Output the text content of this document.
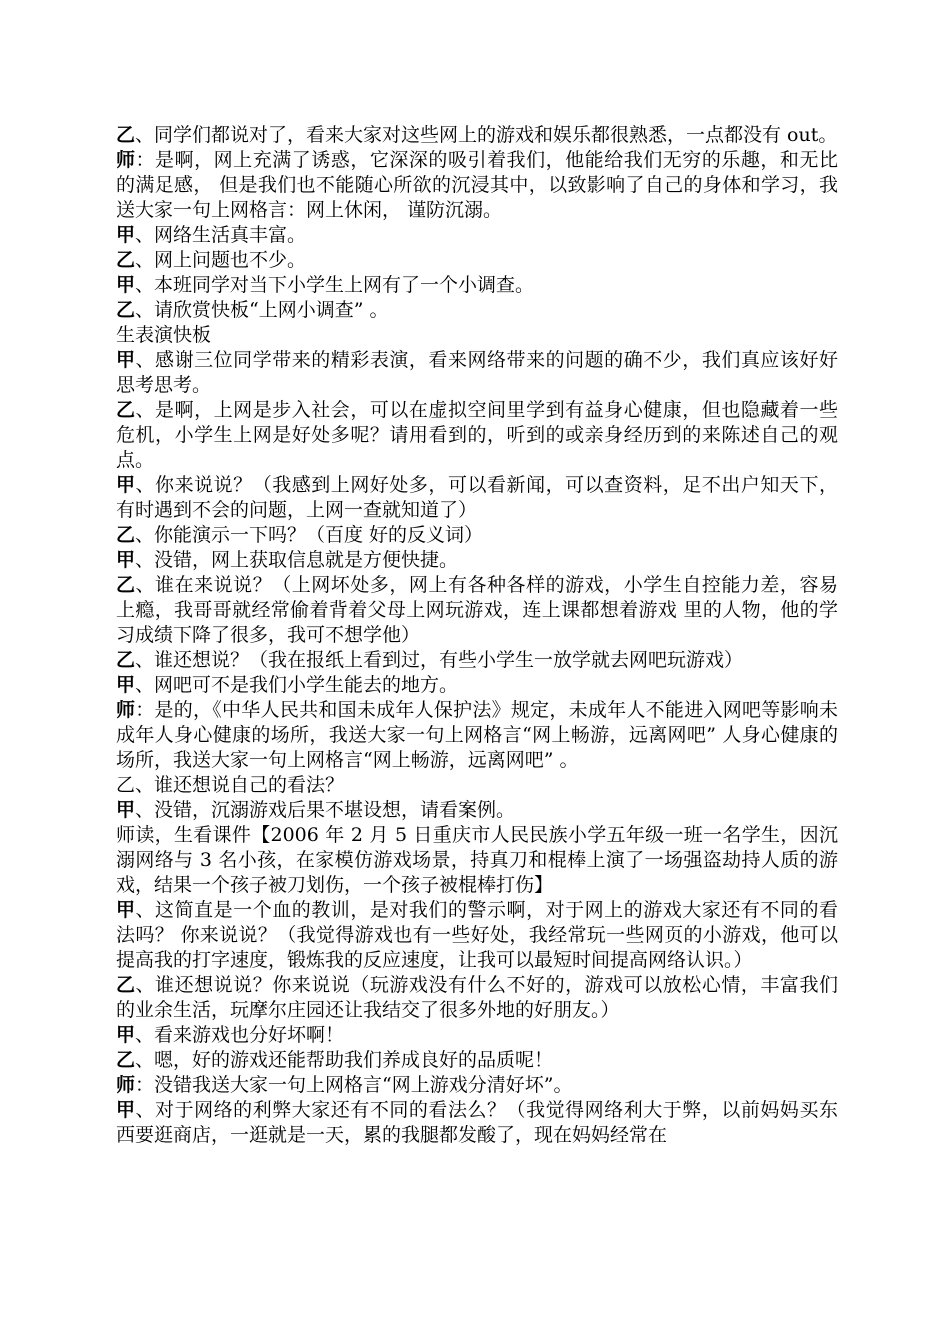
乙、同学们都说对了，看来大家对这些网上的游戏和娱乐都很熟悉，一点都没有 out。

师：是啊，网上充满了诱惑，它深深的吸引着我们，他能给我们无穷的乐趣，和无比的满足感， 但是我们也不能随心所欲的沉浸其中，以致影响了自己的身体和学习，我送大家一句上网格言：网上休闲， 谨防沉溺。

甲、网络生活真丰富。

乙、网上问题也不少。

甲、本班同学对当下小学生上网有了一个小调查。

乙、请欣赏快板“上网小调查” 。

生表演快板

甲、感谢三位同学带来的精彩表演，看来网络带来的问题的确不少，我们真应该好好思考思考。

乙、是啊，上网是步入社会，可以在虚拟空间里学到有益身心健康，但也隐藏着一些危机，小学生上网是好处多呢？请用看到的，听到的或亲身经历到的来陈述自己的观点。

甲、你来说说？（我感到上网好处多，可以看新闻，可以查资料，足不出户知天下， 有时遇到不会的问题，上网一查就知道了）

乙、你能演示一下吗？（百度 好的反义词）

甲、没错，网上获取信息就是方便快捷。

乙、谁在来说说？（上网坏处多，网上有各种各样的游戏，小学生自控能力差，容易上瘾，我哥哥就经常偷着背着父母上网玩游戏，连上课都想着游戏 里的人物，他的学习成绩下降了很多，我可不想学他）

乙、谁还想说？（我在报纸上看到过，有些小学生一放学就去网吧玩游戏）

甲、网吧可不是我们小学生能去的地方。

师：是的，《中华人民共和国未成年人保护法》规定，未成年人不能进入网吧等影响未成年人身心健康的场所，我送大家一句上网格言“网上畅游，远离网吧” 人身心健康的场所，我送大家一句上网格言“网上畅游，远离网吧” 。

乙、谁还想说自己的看法？

甲、没错，沉溺游戏后果不堪设想，请看案例。

师读，生看课件【2006 年 2 月 5 日重庆市人民民族小学五年级一班一名学生，因沉溺网络与 3 名小孩，在家模仿游戏场景，持真刀和棍棒上演了一场强盗劫持人质的游戏，结果一个孩子被刀划伤，一个孩子被棍棒打伤】

甲、这简直是一个血的教训，是对我们的警示啊，对于网上的游戏大家还有不同的看法吗？ 你来说说？（我觉得游戏也有一些好处，我经常玩一些网页的小游戏，他可以提高我的打字速度，锻炼我的反应速度，让我可以最短时间提高网络认识。）

乙、谁还想说说？你来说说（玩游戏没有什么不好的，游戏可以放松心情，丰富我们的业余生活，玩摩尔庄园还让我结交了很多外地的好朋友。）

甲、看来游戏也分好坏啊！

乙、嗯，好的游戏还能帮助我们养成良好的品质呢！

师：没错我送大家一句上网格言“网上游戏分清好坏”。

甲、对于网络的利弊大家还有不同的看法么？（我觉得网络利大于弊，以前妈妈买东西要逛商店，一逛就是一天，累的我腿都发酸了，现在妈妈经常在
